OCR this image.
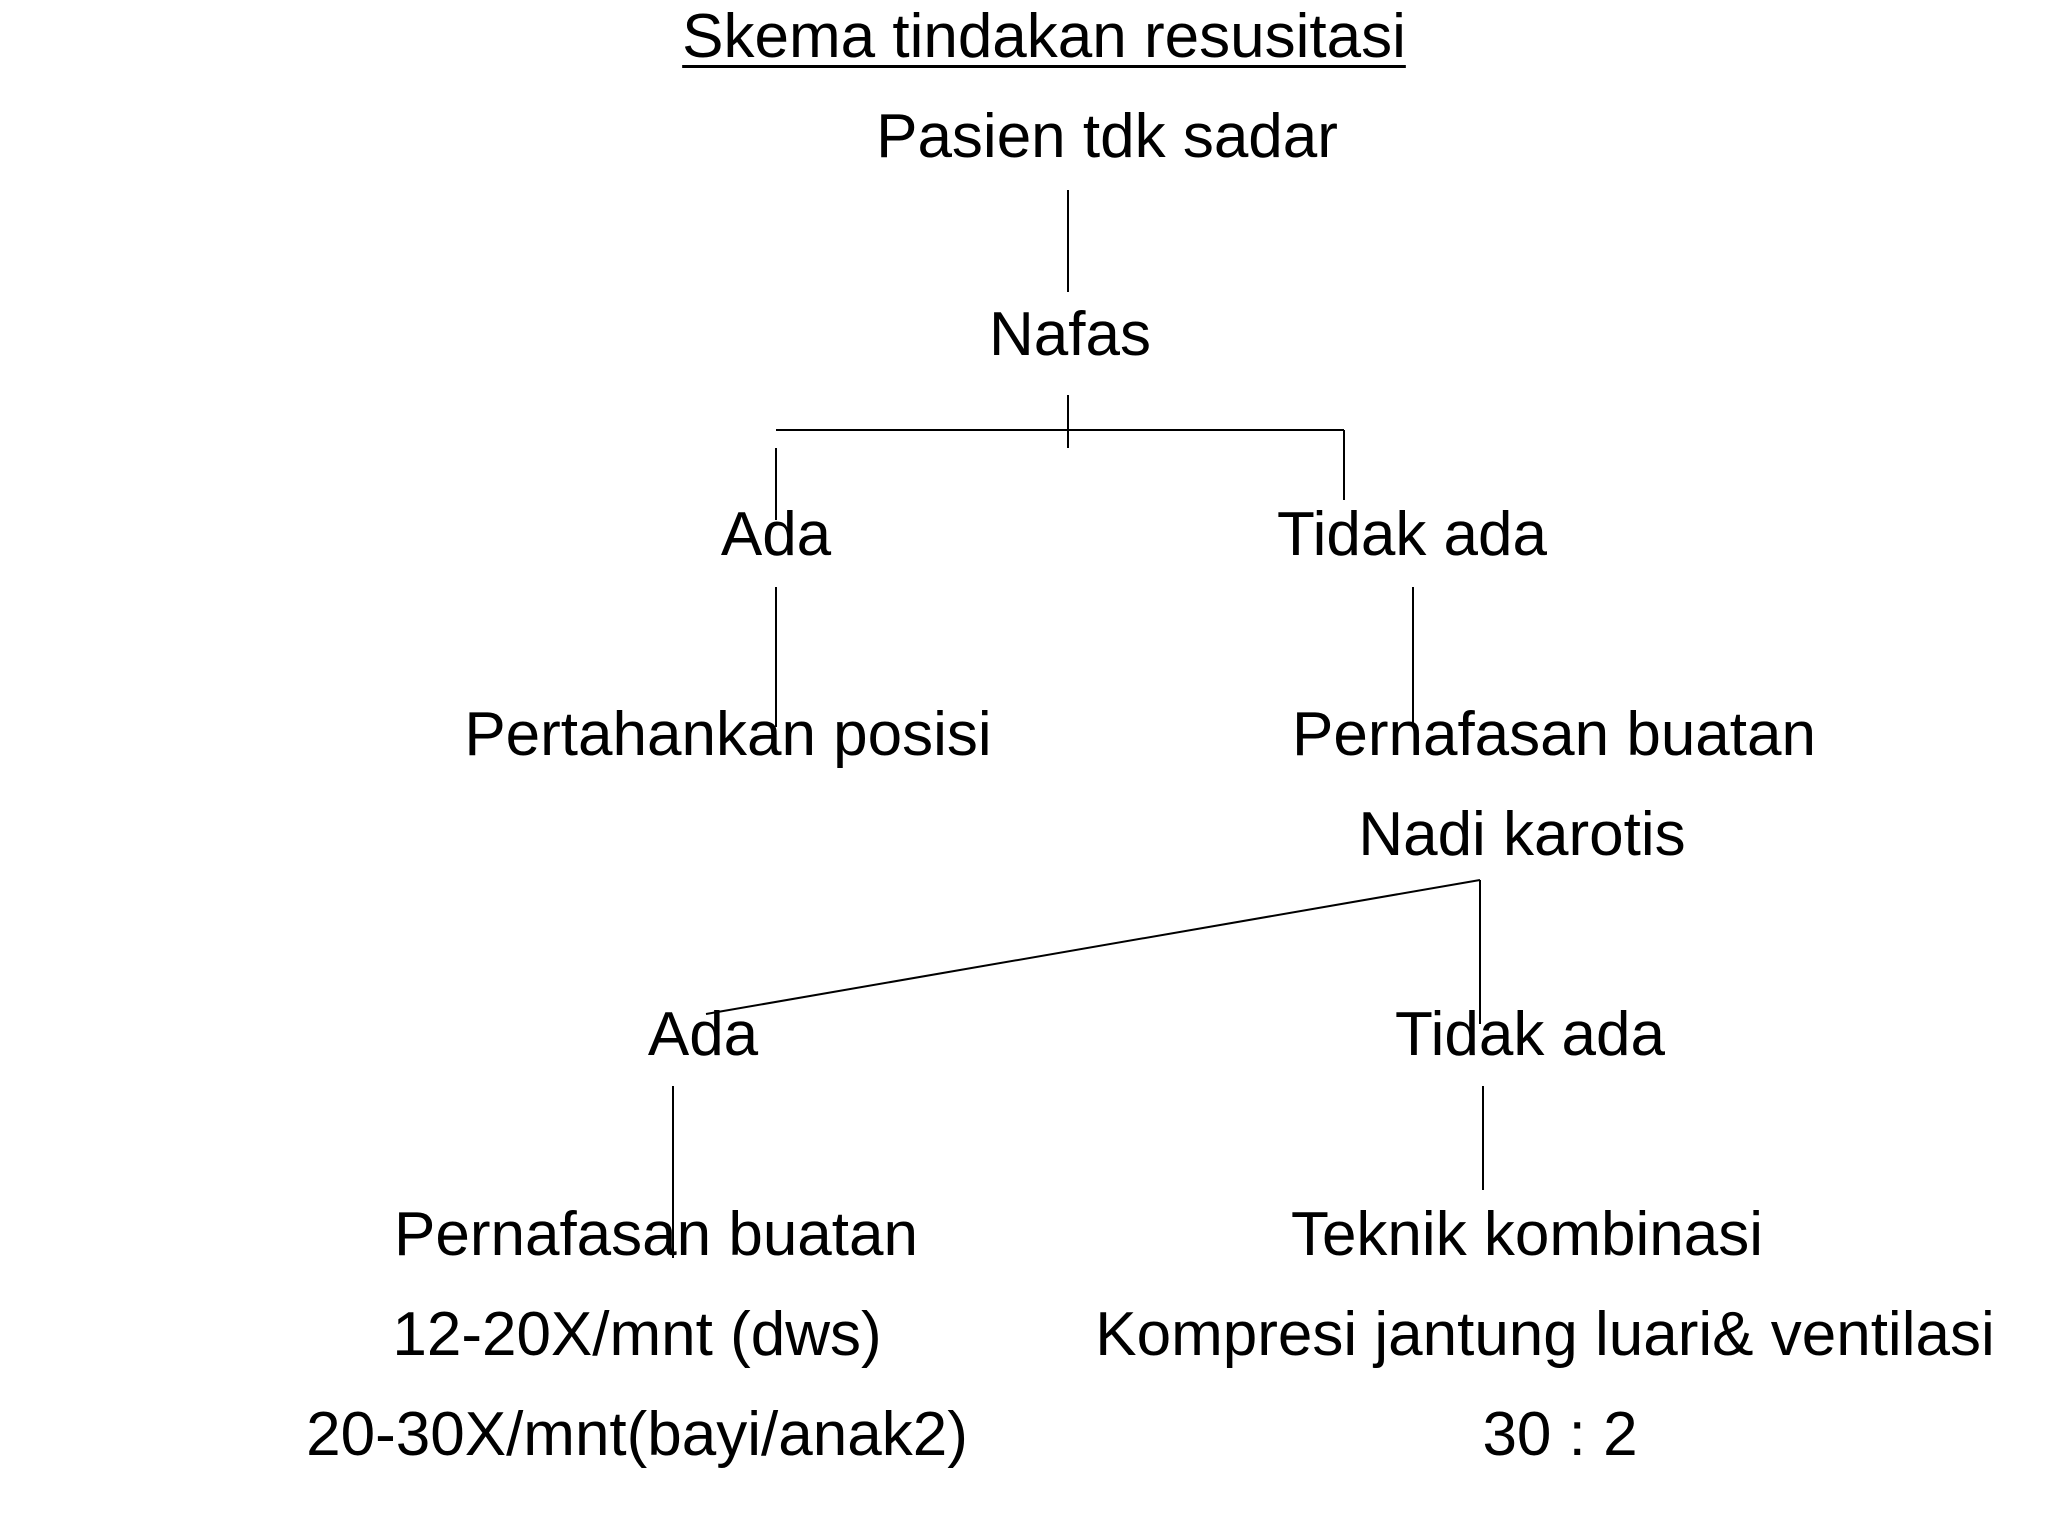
Skema tindakan resusitasi
Pasien tdk sadar
Nafas
Ada	Tidak ada
Pertahankan posisi	Pernafasan buatan
Nadi karotis
Ada	Tidak ada
Pernafasan buatan
12-20X/mnt (dws)
20-30X/mnt(bayi/anak2)
Teknik kombinasi
Kompresi jantung luari& ventilasi
30 : 2
